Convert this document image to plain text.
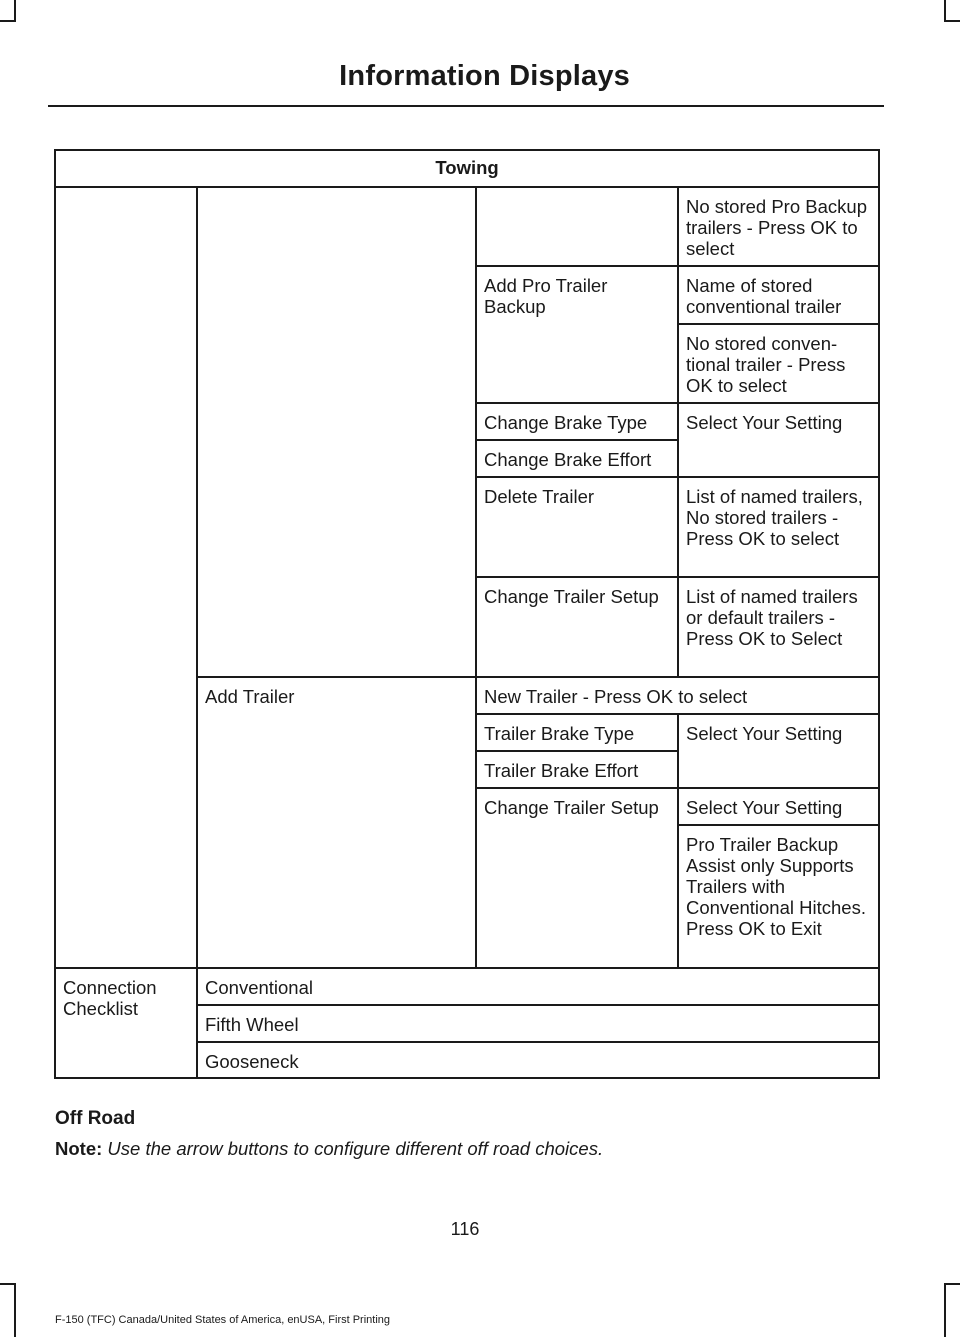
Information Displays
Towing			
			No stored Pro Backup trailers - Press OK to select
		Add Pro Trailer Backup	Name of stored conventional trailer
			No stored conven-tional trailer - Press OK to select
		Change Brake Type	Select Your Setting
		Change Brake Effort	
		Delete Trailer	List of named trailers, No stored trailers - Press OK to select
		Change Trailer Setup	List of named trailers or default trailers - Press OK to Select

	Add Trailer	New Trailer - Press OK to select	
		Trailer Brake Type	Select Your Setting
		Trailer Brake Effort	
		Change Trailer Setup	Select Your Setting
			Pro Trailer Backup Assist only Supports Trailers with Conventional Hitches. Press OK to Exit

Connection Checklist	Conventional		
	Fifth Wheel		
	Gooseneck		
Off Road
Note: Use the arrow buttons to configure different off road choices.
116
F-150 (TFC) Canada/United States of America, enUSA, First Printing
